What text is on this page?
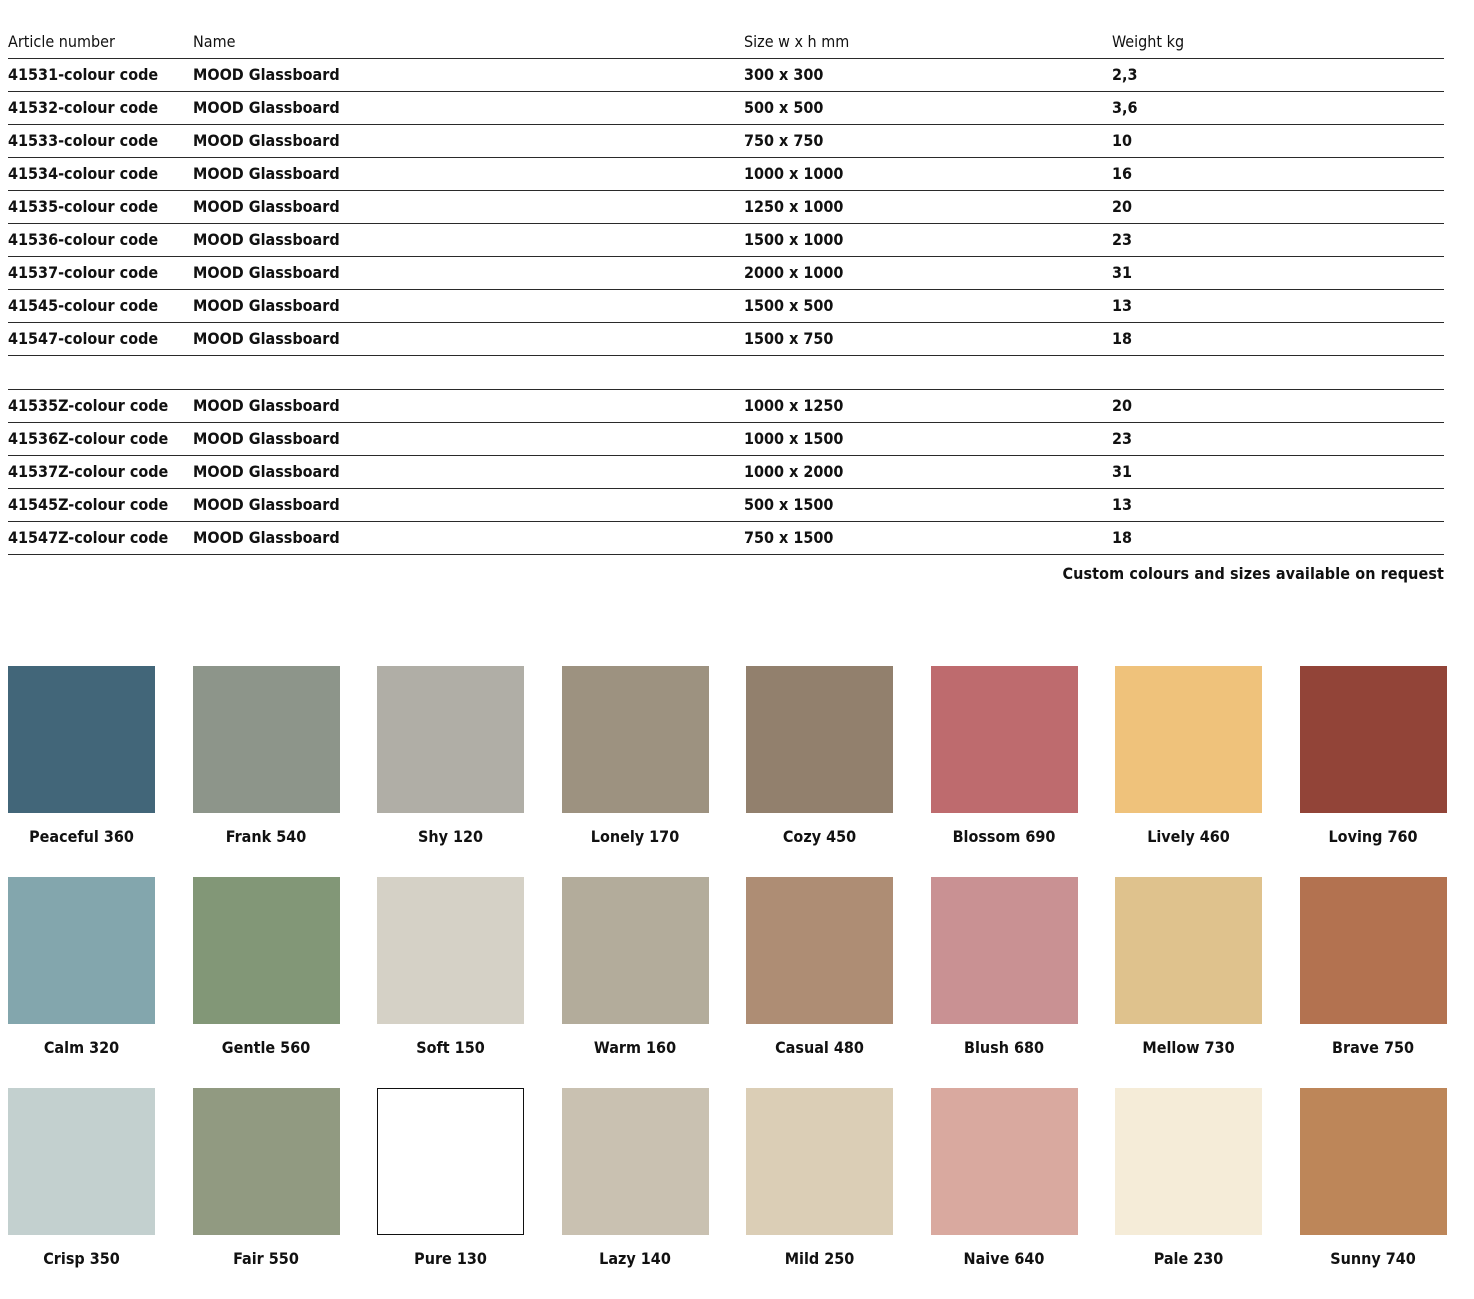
Article number	Name	Size w x h mm	Weight kg
41531-colour code	MOOD Glassboard	300 x 300	2,3
41532-colour code	MOOD Glassboard	500 x 500	3,6
41533-colour code	MOOD Glassboard	750 x 750	10
41534-colour code	MOOD Glassboard	1000 x 1000	16
41535-colour code	MOOD Glassboard	1250 x 1000	20
41536-colour code	MOOD Glassboard	1500 x 1000	23
41537-colour code	MOOD Glassboard	2000 x 1000	31
41545-colour code	MOOD Glassboard	1500 x 500	13
41547-colour code	MOOD Glassboard	1500 x 750	18
41535Z-colour code	MOOD Glassboard	1000 x 1250	20
41536Z-colour code	MOOD Glassboard	1000 x 1500	23
41537Z-colour code	MOOD Glassboard	1000 x 2000	31
41545Z-colour code	MOOD Glassboard	500 x 1500	13
41547Z-colour code	MOOD Glassboard	750 x 1500	18
Custom colours and sizes available on request
Peaceful 360	Frank 540	Shy 120	Lonely 170	Cozy 450	Blossom 690	Lively 460	Loving 760
Calm 320	Gentle 560	Soft 150	Warm 160	Casual 480	Blush 680	Mellow 730	Brave 750
Crisp 350	Fair 550	Pure 130	Lazy 140	Mild 250	Naive 640	Pale 230	Sunny 740
